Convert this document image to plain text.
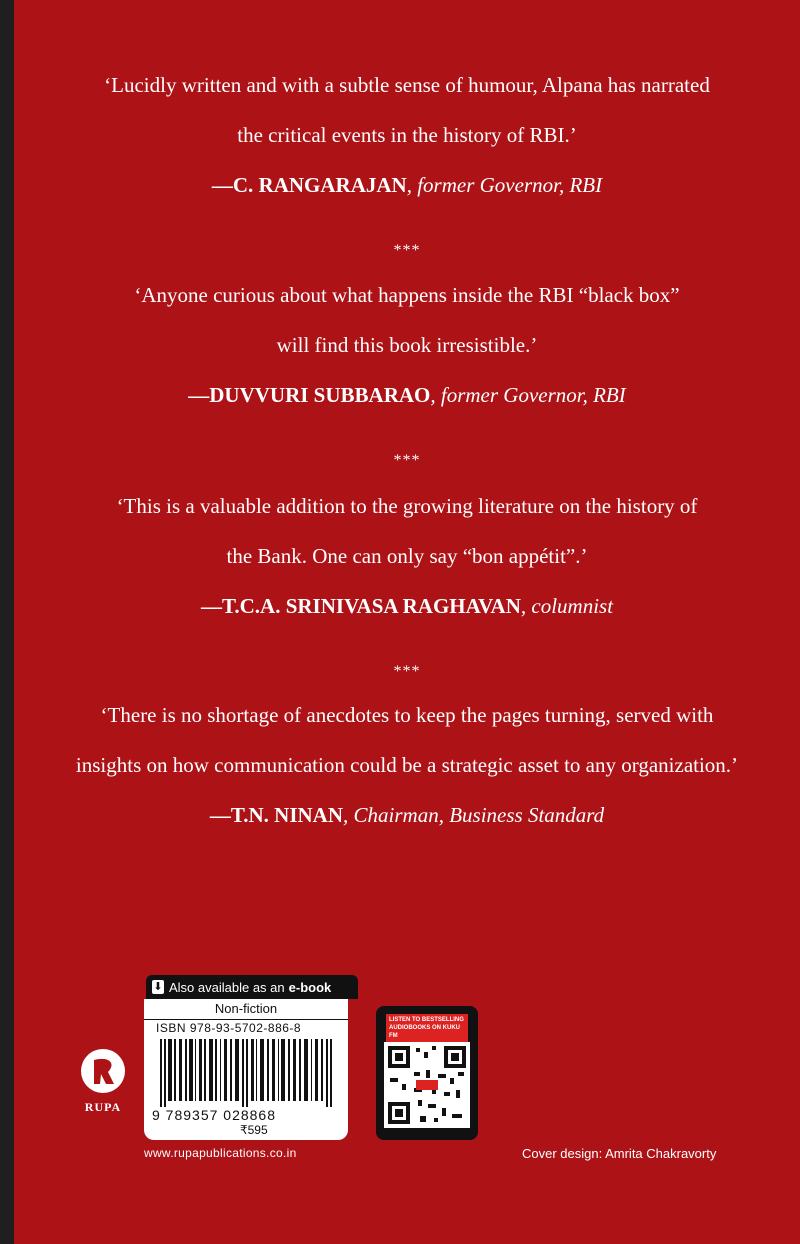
‘Lucidly written and with a subtle sense of humour, Alpana has narrated

the critical events in the history of RBI.’

—C. RANGARAJAN, former Governor, RBI

***

‘Anyone curious about what happens inside the RBI “black box”

will find this book irresistible.’

—DUVVURI SUBBARAO, former Governor, RBI

***

‘This is a valuable addition to the growing literature on the history of

the Bank. One can only say “bon appétit”.’

—T.C.A. SRINIVASA RAGHAVAN, columnist

***

‘There is no shortage of anecdotes to keep the pages turning, served with

insights on how communication could be a strategic asset to any organization.’

—T.N. NINAN, Chairman, Business Standard

RUPA
⬇ Also available as an e-book
Non-fiction
ISBN 978-93-5702-886-8
9 789357 028868
₹595
LISTEN TO BESTSELLING AUDIOBOOKS ON KUKU FM
www.rupapublications.co.in	Cover design: Amrita Chakravorty
